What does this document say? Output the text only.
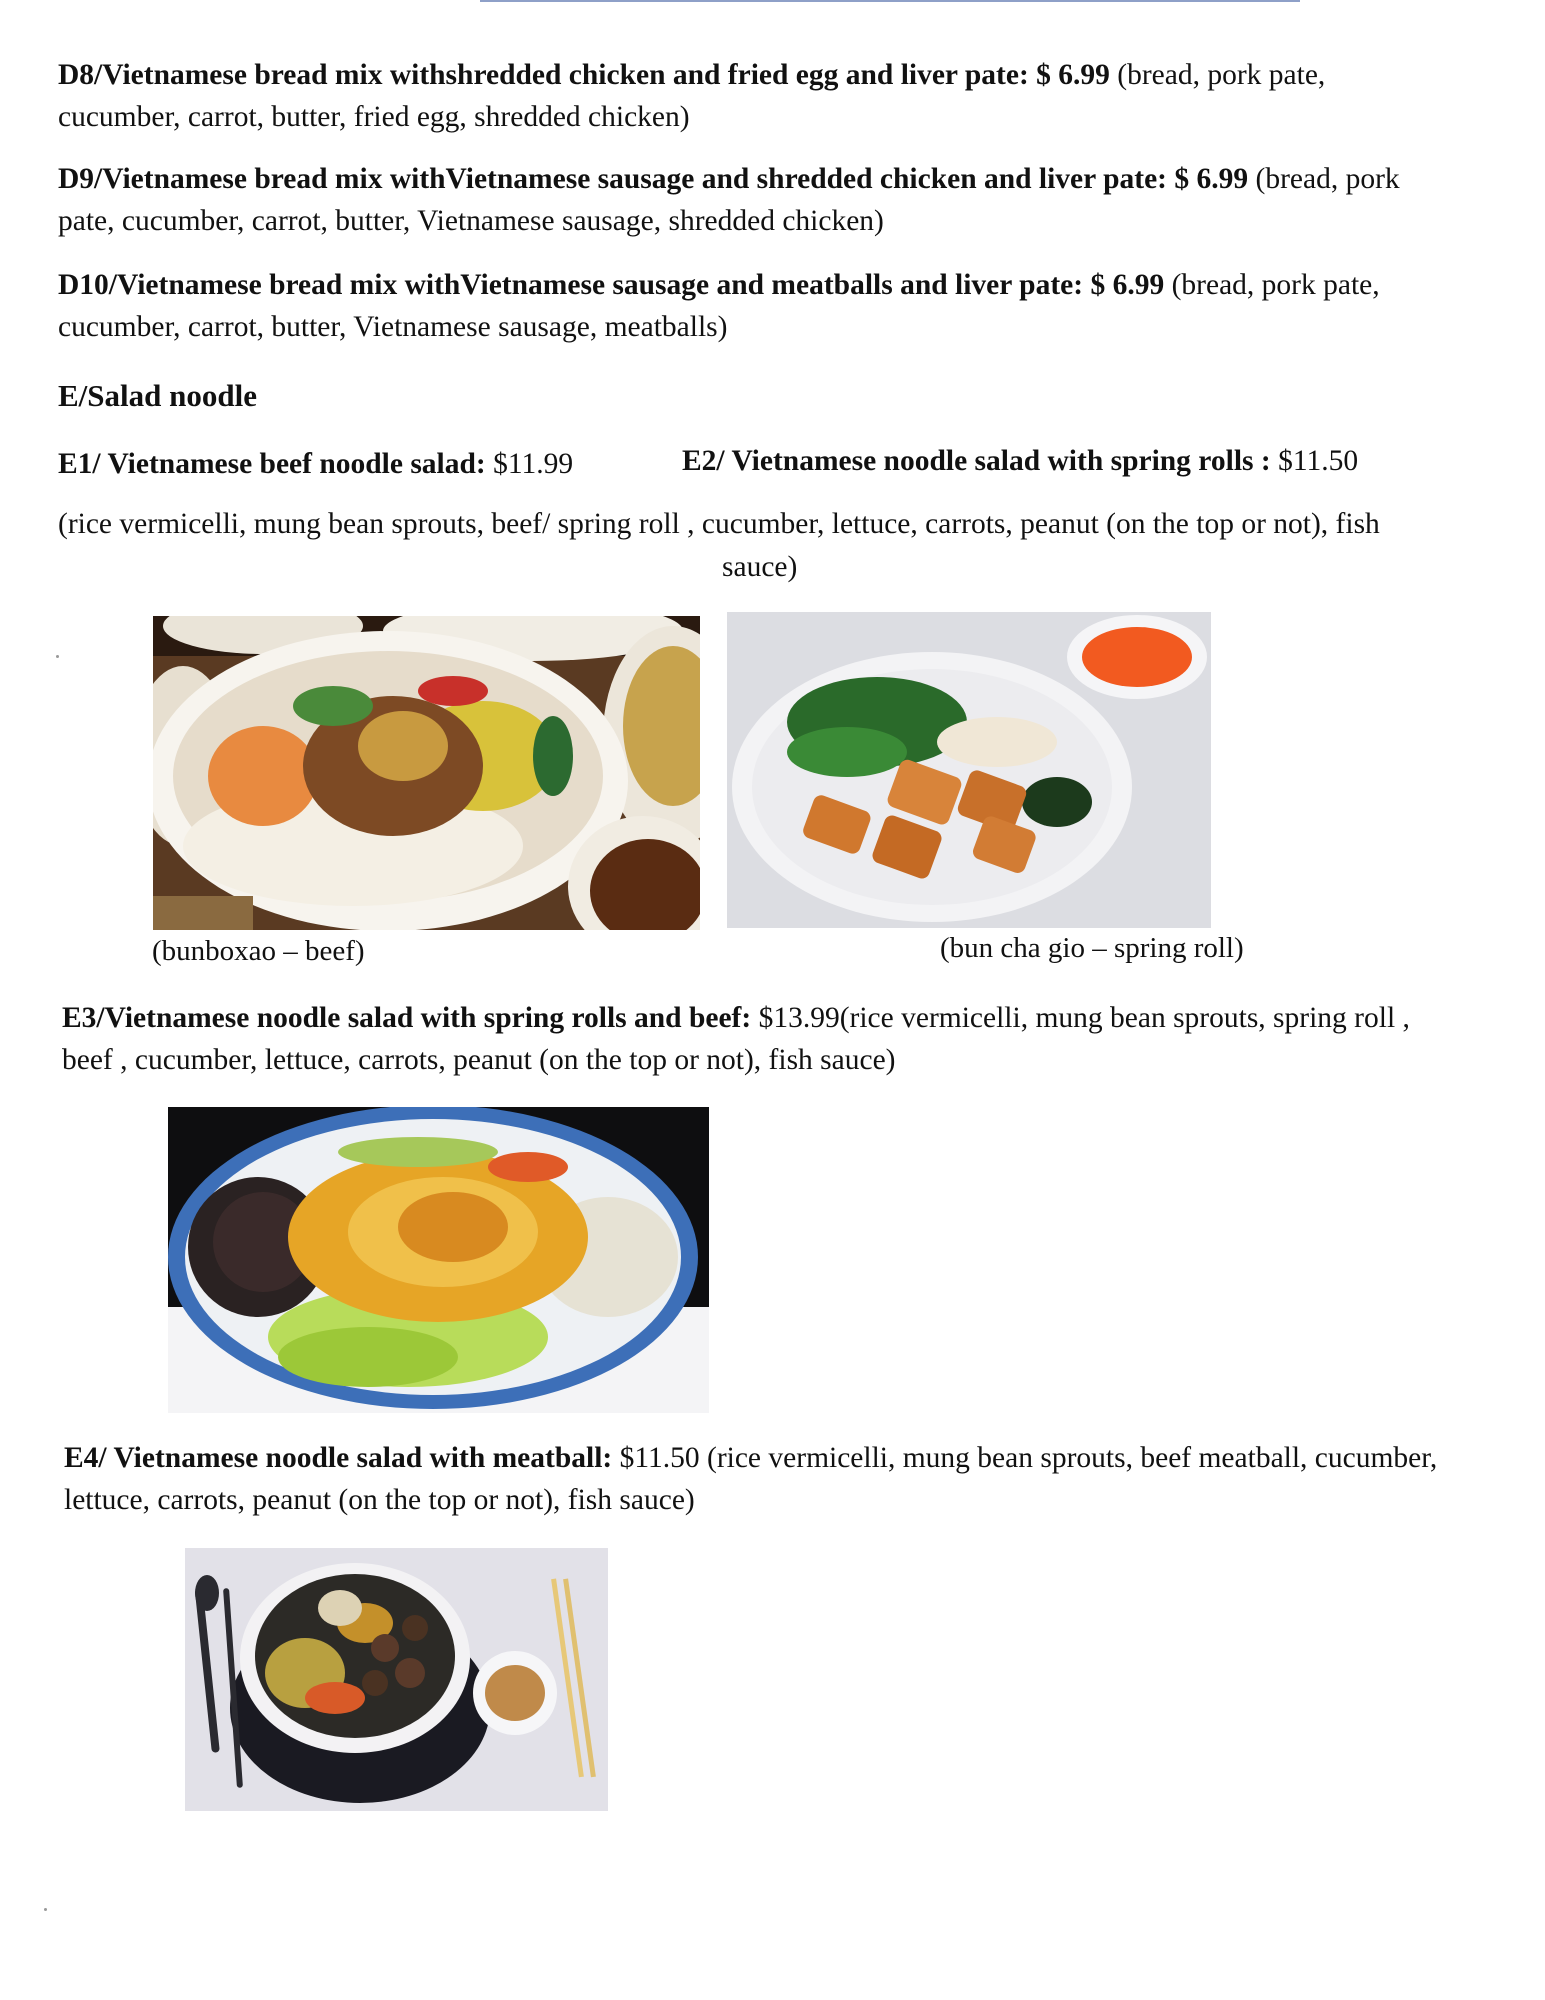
D8/Vietnamese bread mix withshredded chicken and fried egg and liver pate: $ 6.99 (bread, pork pate,
cucumber, carrot, butter, fried egg, shredded chicken)
D9/Vietnamese bread mix withVietnamese sausage and shredded chicken and liver pate: $ 6.99 (bread, pork
pate, cucumber, carrot, butter, Vietnamese sausage, shredded chicken)
D10/Vietnamese bread mix withVietnamese sausage and meatballs and liver pate: $ 6.99 (bread, pork pate,
cucumber, carrot, butter, Vietnamese sausage, meatballs)
E/Salad noodle
E1/ Vietnamese beef noodle salad: $11.99	E2/ Vietnamese noodle salad with spring rolls : $11.50
(rice vermicelli, mung bean sprouts, beef/ spring roll , cucumber, lettuce, carrots, peanut (on the top or not), fish
sauce)
(bunboxao – beef)	(bun cha gio – spring roll)
E3/Vietnamese noodle salad with spring rolls and beef: $13.99(rice vermicelli, mung bean sprouts, spring roll ,
beef , cucumber, lettuce, carrots, peanut (on the top or not), fish sauce)
E4/ Vietnamese noodle salad with meatball: $11.50 (rice vermicelli, mung bean sprouts, beef meatball, cucumber,
lettuce, carrots, peanut (on the top or not), fish sauce)
